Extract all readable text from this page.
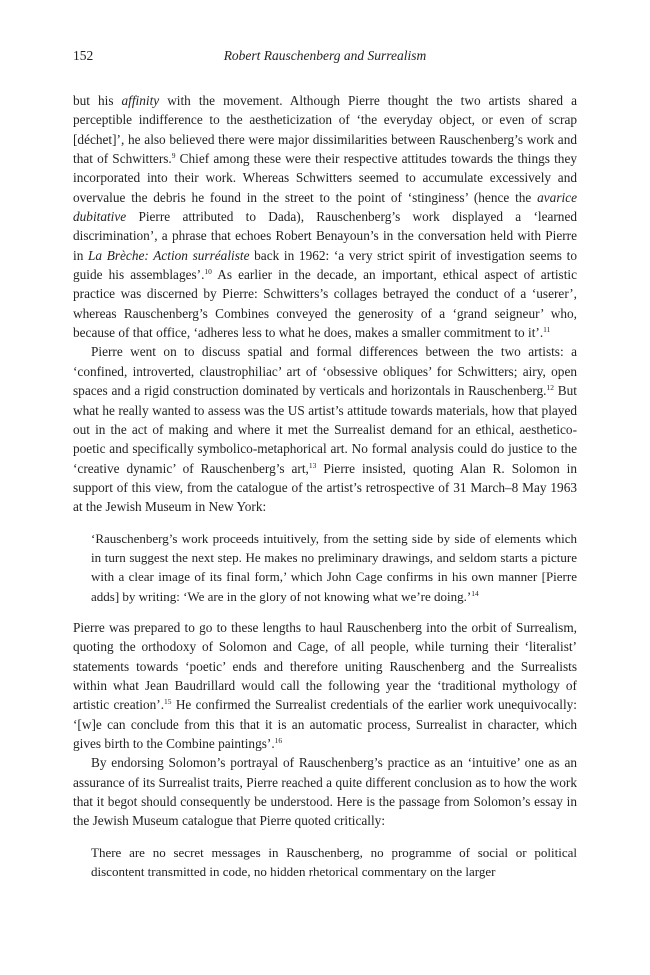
152	Robert Rauschenberg and Surrealism

but his affinity with the movement. Although Pierre thought the two artists shared a perceptible indifference to the aestheticization of ‘the everyday object, or even of scrap [déchet]’, he also believed there were major dissimilarities between Rauschenberg’s work and that of Schwitters.$^9$ Chief among these were their respective attitudes towards the things they incorporated into their work. Whereas Schwitters seemed to accumulate excessively and overvalue the debris he found in the street to the point of ‘stinginess’ (hence the avarice dubitative Pierre attributed to Dada), Rauschenberg’s work displayed a ‘learned discrimination’, a phrase that echoes Robert Benayoun’s in the conversation held with Pierre in La Brèche: Action surréaliste back in 1962: ‘a very strict spirit of investigation seems to guide his assemblages’.$^{10}$ As earlier in the decade, an important, ethical aspect of artistic practice was discerned by Pierre: Schwitters’s collages betrayed the conduct of a ‘userer’, whereas Rauschenberg’s Combines conveyed the generosity of a ‘grand seigneur’ who, because of that office, ‘adheres less to what he does, makes a smaller commitment to it’.$^{11}$

Pierre went on to discuss spatial and formal differences between the two artists: a ‘confined, introverted, claustrophiliac’ art of ‘obsessive obliques’ for Schwitters; airy, open spaces and a rigid construction dominated by verticals and horizontals in Rauschenberg.$^{12}$ But what he really wanted to assess was the US artist’s attitude towards materials, how that played out in the act of making and where it met the Surrealist demand for an ethical, aesthetico-poetic and specifically symbolico-metaphorical art. No formal analysis could do justice to the ‘creative dynamic’ of Rauschenberg’s art,$^{13}$ Pierre insisted, quoting Alan R. Solomon in support of this view, from the catalogue of the artist’s retrospective of 31 March–8 May 1963 at the Jewish Museum in New York:

‘Rauschenberg’s work proceeds intuitively, from the setting side by side of elements which in turn suggest the next step. He makes no preliminary drawings, and seldom starts a picture with a clear image of its final form,’ which John Cage confirms in his own manner [Pierre adds] by writing: ‘We are in the glory of not knowing what we’re doing.’$^{14}$

Pierre was prepared to go to these lengths to haul Rauschenberg into the orbit of Surrealism, quoting the orthodoxy of Solomon and Cage, of all people, while turning their ‘literalist’ statements towards ‘poetic’ ends and therefore uniting Rauschenberg and the Surrealists within what Jean Baudrillard would call the following year the ‘traditional mythology of artistic creation’.$^{15}$ He confirmed the Surrealist credentials of the earlier work unequivocally: ‘[w]e can conclude from this that it is an automatic process, Surrealist in character, which gives birth to the Combine paintings’.$^{16}$

By endorsing Solomon’s portrayal of Rauschenberg’s practice as an ‘intuitive’ one as an assurance of its Surrealist traits, Pierre reached a quite different conclusion as to how the work that it begot should consequently be understood. Here is the passage from Solomon’s essay in the Jewish Museum catalogue that Pierre quoted critically:

There are no secret messages in Rauschenberg, no programme of social or political discontent transmitted in code, no hidden rhetorical commentary on the larger
